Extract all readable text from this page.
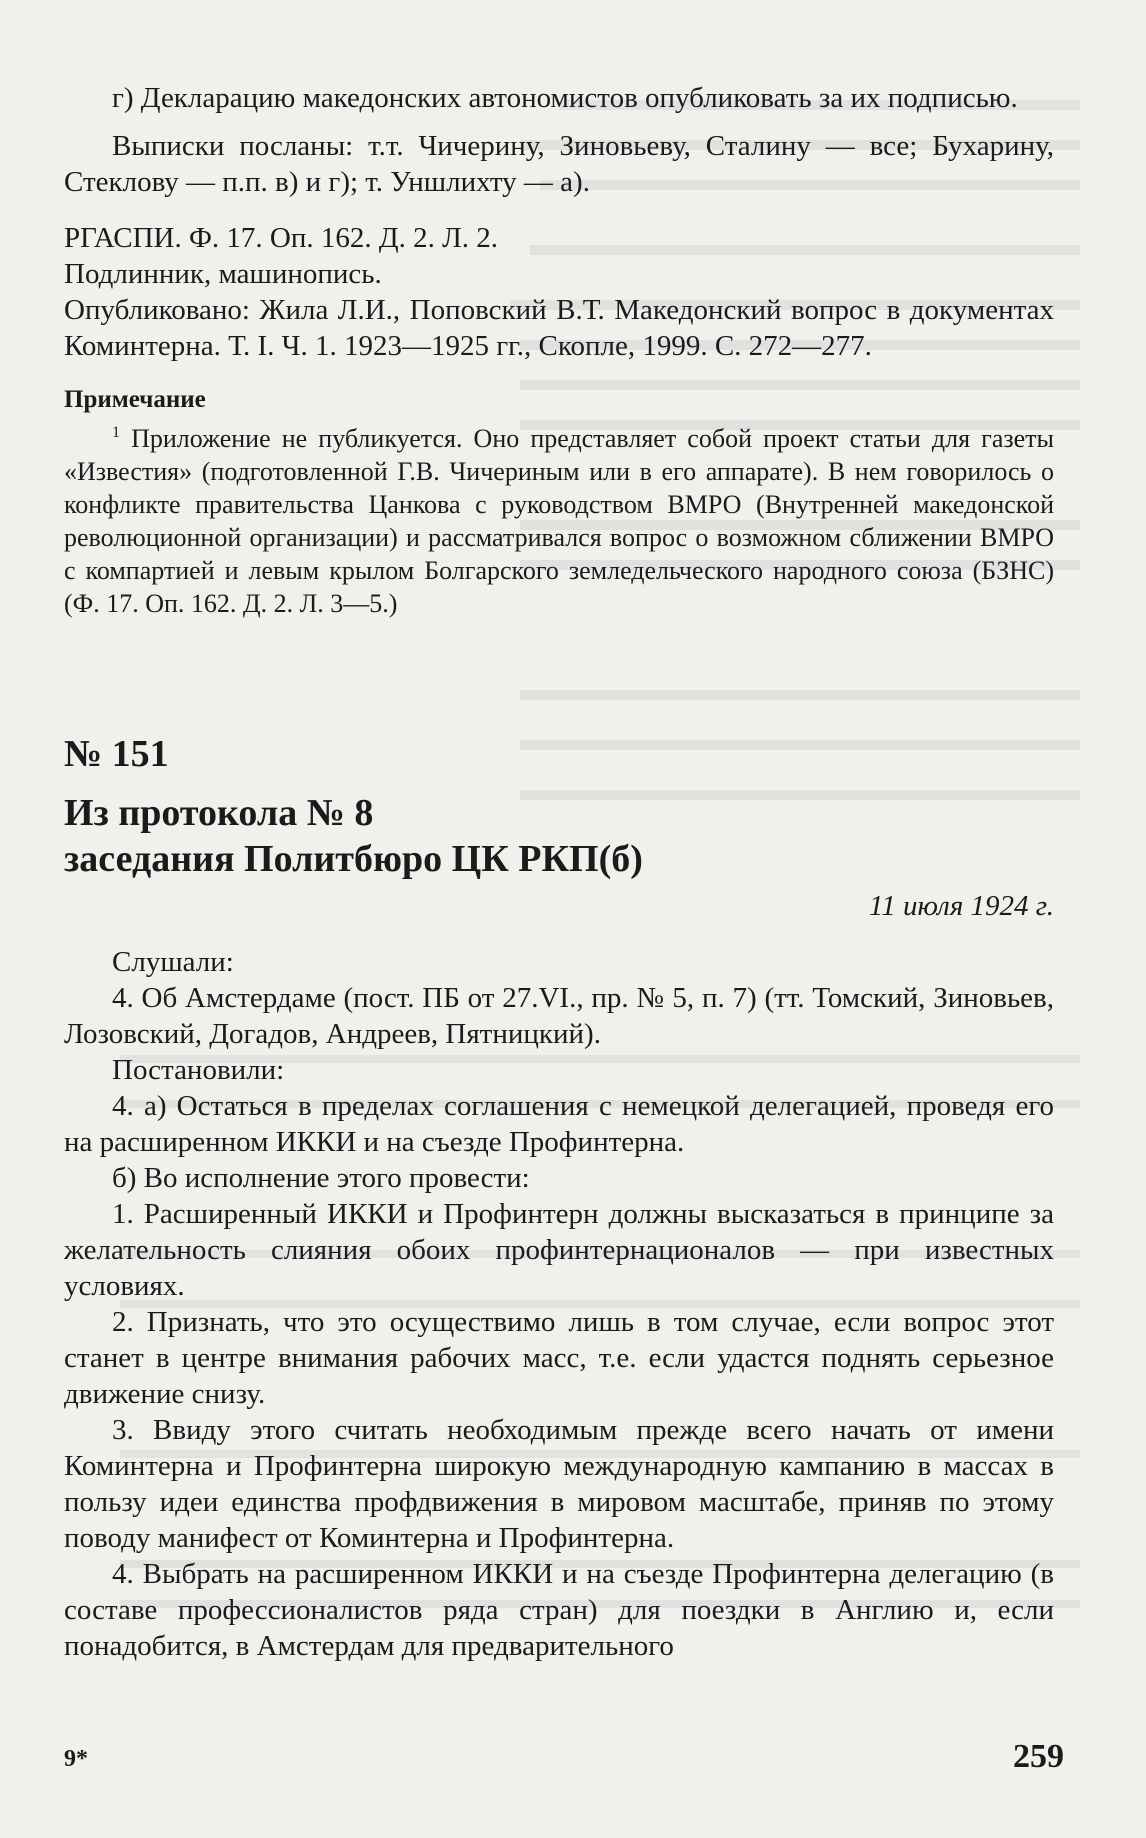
г) Декларацию македонских автономистов опубликовать за их подписью.

Выписки посланы: т.т. Чичерину, Зиновьеву, Сталину — все; Бухарину, Стеклову — п.п. в) и г); т. Уншлихту — а).

РГАСПИ. Ф. 17. Оп. 162. Д. 2. Л. 2.

Подлинник, машинопись.

Опубликовано: Жила Л.И., Поповский В.Т. Македонский вопрос в документах Коминтерна. Т. I. Ч. 1. 1923—1925 гг., Скопле, 1999. С. 272—277.

Примечание

$^1$ Приложение не публикуется. Оно представляет собой проект статьи для газеты «Известия» (подготовленной Г.В. Чичериным или в его аппарате). В нем говорилось о конфликте правительства Цанкова с руководством ВМРО (Внутренней македонской революционной организации) и рассматривался вопрос о возможном сближении ВМРО с компартией и левым крылом Болгарского земледельческого народного союза (БЗНС) (Ф. 17. Оп. 162. Д. 2. Л. 3—5.)

№ 151

Из протокола № 8
заседания Политбюро ЦК РКП(б)

11 июля 1924 г.

Слушали:

4. Об Амстердаме (пост. ПБ от 27.VI., пр. № 5, п. 7) (тт. Томский, Зиновьев, Лозовский, Догадов, Андреев, Пятницкий).

Постановили:

4. а) Остаться в пределах соглашения с немецкой делегацией, проведя его на расширенном ИККИ и на съезде Профинтерна.

б) Во исполнение этого провести:

1. Расширенный ИККИ и Профинтерн должны высказаться в принципе за желательность слияния обоих профинтернационалов — при известных условиях.

2. Признать, что это осуществимо лишь в том случае, если вопрос этот станет в центре внимания рабочих масс, т.е. если удастся поднять серьезное движение снизу.

3. Ввиду этого считать необходимым прежде всего начать от имени Коминтерна и Профинтерна широкую международную кампанию в массах в пользу идеи единства профдвижения в мировом масштабе, приняв по этому поводу манифест от Коминтерна и Профинтерна.

4. Выбрать на расширенном ИККИ и на съезде Профинтерна делегацию (в составе профессионалистов ряда стран) для поездки в Англию и, если понадобится, в Амстердам для предварительного

9*	259
